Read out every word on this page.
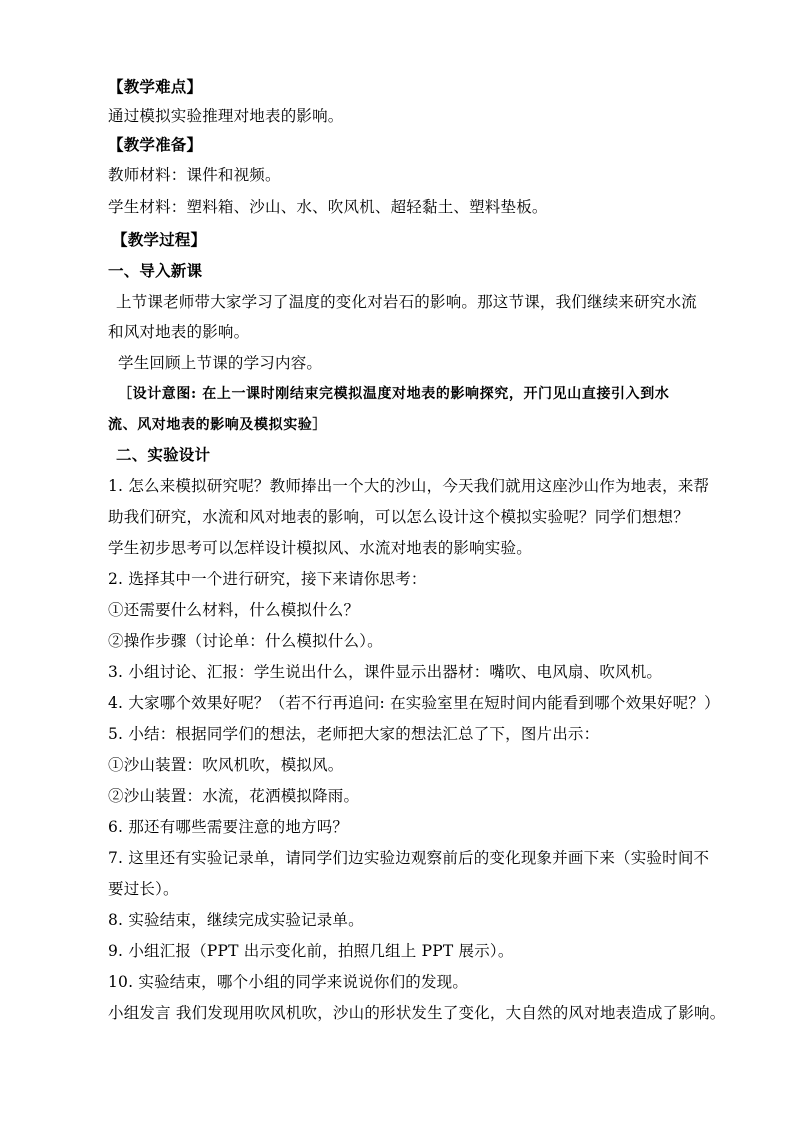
【教学难点】
通过模拟实验推理对地表的影响。
【教学准备】
教师材料：课件和视频。
学生材料：塑料箱、沙山、水、吹风机、超轻黏土、塑料垫板。
【教学过程】
一、导入新课
上节课老师带大家学习了温度的变化对岩石的影响。那这节课，我们继续来研究水流
和风对地表的影响。
学生回顾上节课的学习内容。
［设计意图: 在上一课时刚结束完模拟温度对地表的影响探究，开门见山直接引入到水
流、风对地表的影响及模拟实验］
二、实验设计
1. 怎么来模拟研究呢？教师捧出一个大的沙山，今天我们就用这座沙山作为地表，来帮
助我们研究，水流和风对地表的影响，可以怎么设计这个模拟实验呢？同学们想想？
学生初步思考可以怎样设计模拟风、水流对地表的影响实验。
2. 选择其中一个进行研究，接下来请你思考：
①还需要什么材料，什么模拟什么？
②操作步骤（讨论单：什么模拟什么）。
3. 小组讨论、汇报：学生说出什么，课件显示出器材：嘴吹、电风扇、吹风机。
4. 大家哪个效果好呢？（若不行再追问: 在实验室里在短时间内能看到哪个效果好呢？）
5. 小结：根据同学们的想法，老师把大家的想法汇总了下，图片出示：
①沙山装置：吹风机吹，模拟风。
②沙山装置：水流，花洒模拟降雨。
6. 那还有哪些需要注意的地方吗？
7. 这里还有实验记录单，请同学们边实验边观察前后的变化现象并画下来（实验时间不
要过长）。
8. 实验结束，继续完成实验记录单。
9. 小组汇报（PPT 出示变化前，拍照几组上 PPT 展示）。
10. 实验结束，哪个小组的同学来说说你们的发现。
小组发言 我们发现用吹风机吹，沙山的形状发生了变化，大自然的风对地表造成了影响。
